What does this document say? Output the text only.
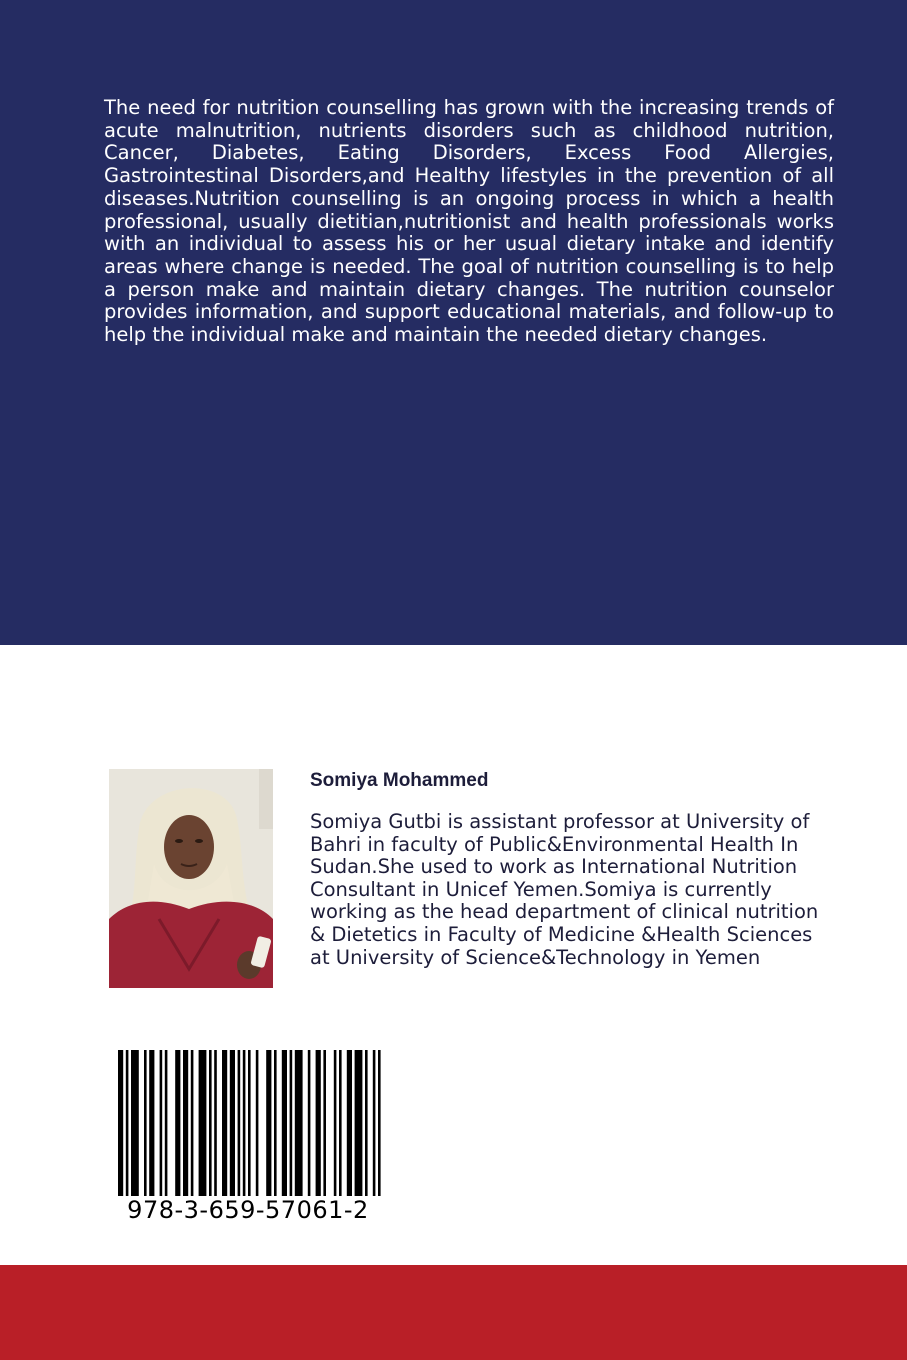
The need for nutrition counselling has grown with the increasing trends of acute malnutrition, nutrients disorders such as childhood nutrition, Cancer, Diabetes, Eating Disorders, Excess Food Allergies, Gastrointestinal Disorders,and Healthy lifestyles in the prevention of all diseases.Nutrition counselling is an ongoing process in which a health professional, usually dietitian,nutritionist and health professionals works with an individual to assess his or her usual dietary intake and identify areas where change is needed. The goal of nutrition counselling is to help a person make and maintain dietary changes. The nutrition counselor provides information, and support educational materials, and follow-up to help the individual make and maintain the needed dietary changes.

Somiya Mohammed

Somiya Gutbi is assistant professor at University of Bahri in faculty of Public&Environmental Health In Sudan.She used to work as International Nutrition Consultant in Unicef Yemen.Somiya is currently working as the head department of clinical nutrition & Dietetics in Faculty of Medicine &Health Sciences at University of Science&Technology in Yemen

978-3-659-57061-2
